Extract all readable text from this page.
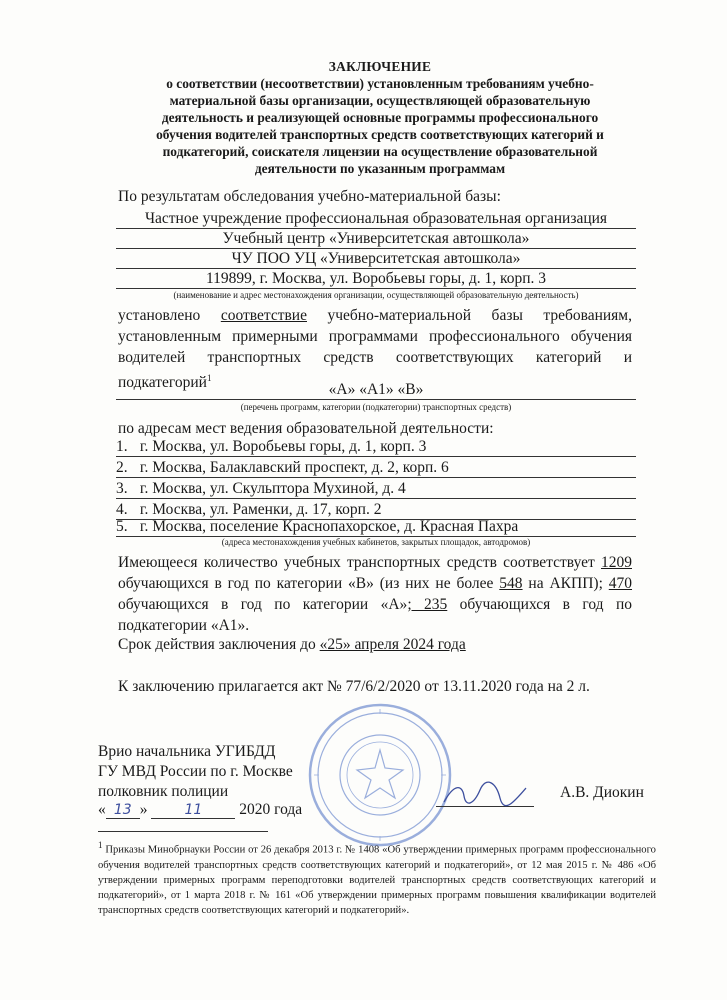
ЗАКЛЮЧЕНИЕ
о соответствии (несоответствии) установленным требованиям учебно-
материальной базы организации, осуществляющей образовательную
деятельность и реализующей основные программы профессионального
обучения водителей транспортных средств соответствующих категорий и
подкатегорий, соискателя лицензии на осуществление образовательной
деятельности по указанным программам
По результатам обследования учебно-материальной базы:
Частное учреждение профессиональная образовательная организация
Учебный центр «Университетская автошкола»
ЧУ ПОО УЦ «Университетская автошкола»
119899, г. Москва, ул. Воробьевы горы, д. 1, корп. 3
(наименование и адрес местонахождения организации, осуществляющей образовательную деятельность)
установлено соответствие учебно-материальной базы требованиям, установленным примерными программами профессионального обучения водителей транспортных средств соответствующих категорий и подкатегорий$^1$
«А» «А1» «В»
(перечень программ, категории (подкатегории) транспортных средств)
по адресам мест ведения образовательной деятельности:
1. г. Москва, ул. Воробьевы горы, д. 1, корп. 3
2. г. Москва, Балаклавский проспект, д. 2, корп. 6
3. г. Москва, ул. Скульптора Мухиной, д. 4
4. г. Москва, ул. Раменки, д. 17, корп. 2
5. г. Москва, поселение Краснопахорское, д. Красная Пахра
(адреса местонахождения учебных кабинетов, закрытых площадок, автодромов)
Имеющееся количество учебных транспортных средств соответствует 1209 обучающихся в год по категории «В» (из них не более 548 на АКПП); 470 обучающихся в год по категории «А»; 235 обучающихся в год по подкатегории «А1».
Срок действия заключения до «25» апреля 2024 года
К заключению прилагается акт № 77/6/2/2020 от 13.11.2020 года на 2 л.
Врио начальника УГИБДД
ГУ МВД России по г. Москве
полковник полиции	А.В. Диокин
« 13 » 11 2020 года
$^1$ Приказы Минобрнауки России от 26 декабря 2013 г. № 1408 «Об утверждении примерных программ профессионального обучения водителей транспортных средств соответствующих категорий и подкатегорий», от 12 мая 2015 г. № 486 «Об утверждении примерных программ переподготовки водителей транспортных средств соответствующих категорий и подкатегорий», от 1 марта 2018 г. № 161 «Об утверждении примерных программ повышения квалификации водителей транспортных средств соответствующих категорий и подкатегорий».
